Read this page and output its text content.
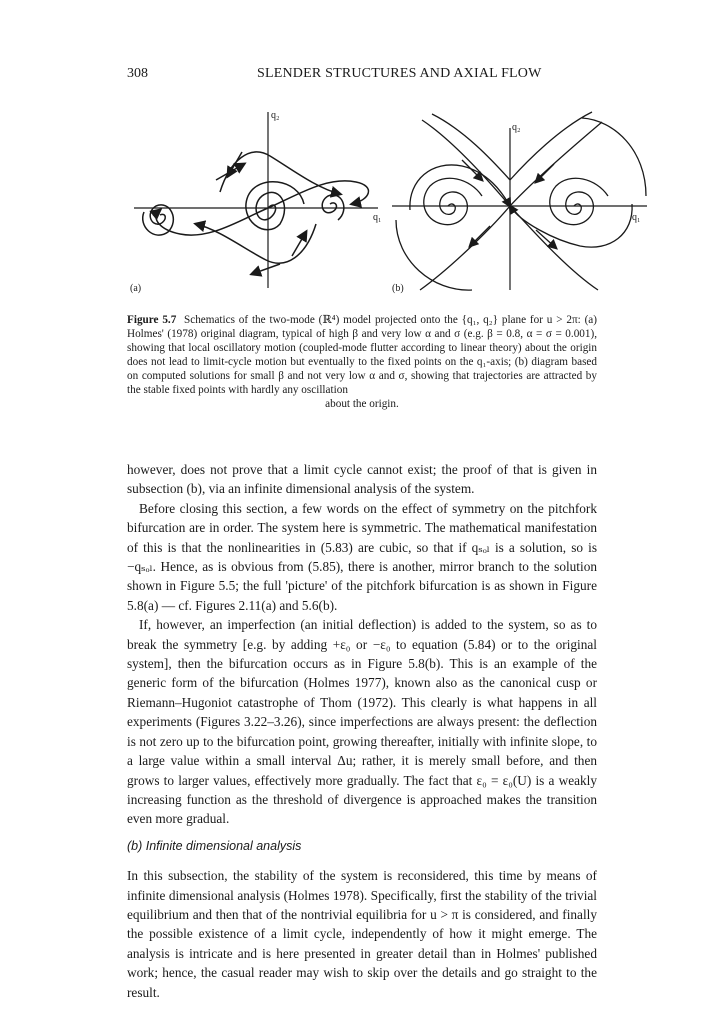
308	SLENDER STRUCTURES AND AXIAL FLOW
q₂
q₁
(a)
q₂
q₁
(b)
Figure 5.7 Schematics of the two-mode (ℝ⁴) model projected onto the {q₁, q₂} plane for u > 2π: (a) Holmes' (1978) original diagram, typical of high β and very low α and σ (e.g. β = 0.8, α = σ = 0.001), showing that local oscillatory motion (coupled-mode flutter according to linear theory) about the origin does not lead to limit-cycle motion but eventually to the fixed points on the q₁-axis; (b) diagram based on computed solutions for small β and not very low α and σ, showing that trajectories are attracted by the stable fixed points with hardly any oscillation
about the origin.

however, does not prove that a limit cycle cannot exist; the proof of that is given in subsection (b), via an infinite dimensional analysis of the system.

Before closing this section, a few words on the effect of symmetry on the pitchfork bifurcation are in order. The system here is symmetric. The mathematical manifestation of this is that the nonlinearities in (5.83) are cubic, so that if qₛₒₗ is a solution, so is −qₛₒₗ. Hence, as is obvious from (5.85), there is another, mirror branch to the solution shown in Figure 5.5; the full 'picture' of the pitchfork bifurcation is as shown in Figure 5.8(a) — cf. Figures 2.11(a) and 5.6(b).

If, however, an imperfection (an initial deflection) is added to the system, so as to break the symmetry [e.g. by adding +ε₀ or −ε₀ to equation (5.84) or to the original system], then the bifurcation occurs as in Figure 5.8(b). This is an example of the generic form of the bifurcation (Holmes 1977), known also as the canonical cusp or Riemann–Hugoniot catastrophe of Thom (1972). This clearly is what happens in all experiments (Figures 3.22–3.26), since imperfections are always present: the deflection is not zero up to the bifurcation point, growing thereafter, initially with infinite slope, to a large value within a small interval Δu; rather, it is merely small before, and then grows to larger values, effectively more gradually. The fact that ε₀ = ε₀(U) is a weakly increasing function as the threshold of divergence is approached makes the transition even more gradual.

(b) Infinite dimensional analysis

In this subsection, the stability of the system is reconsidered, this time by means of infinite dimensional analysis (Holmes 1978). Specifically, first the stability of the trivial equilibrium and then that of the nontrivial equilibria for u > π is considered, and finally the possible existence of a limit cycle, independently of how it might emerge. The analysis is intricate and is here presented in greater detail than in Holmes' published work; hence, the casual reader may wish to skip over the details and go straight to the result.
